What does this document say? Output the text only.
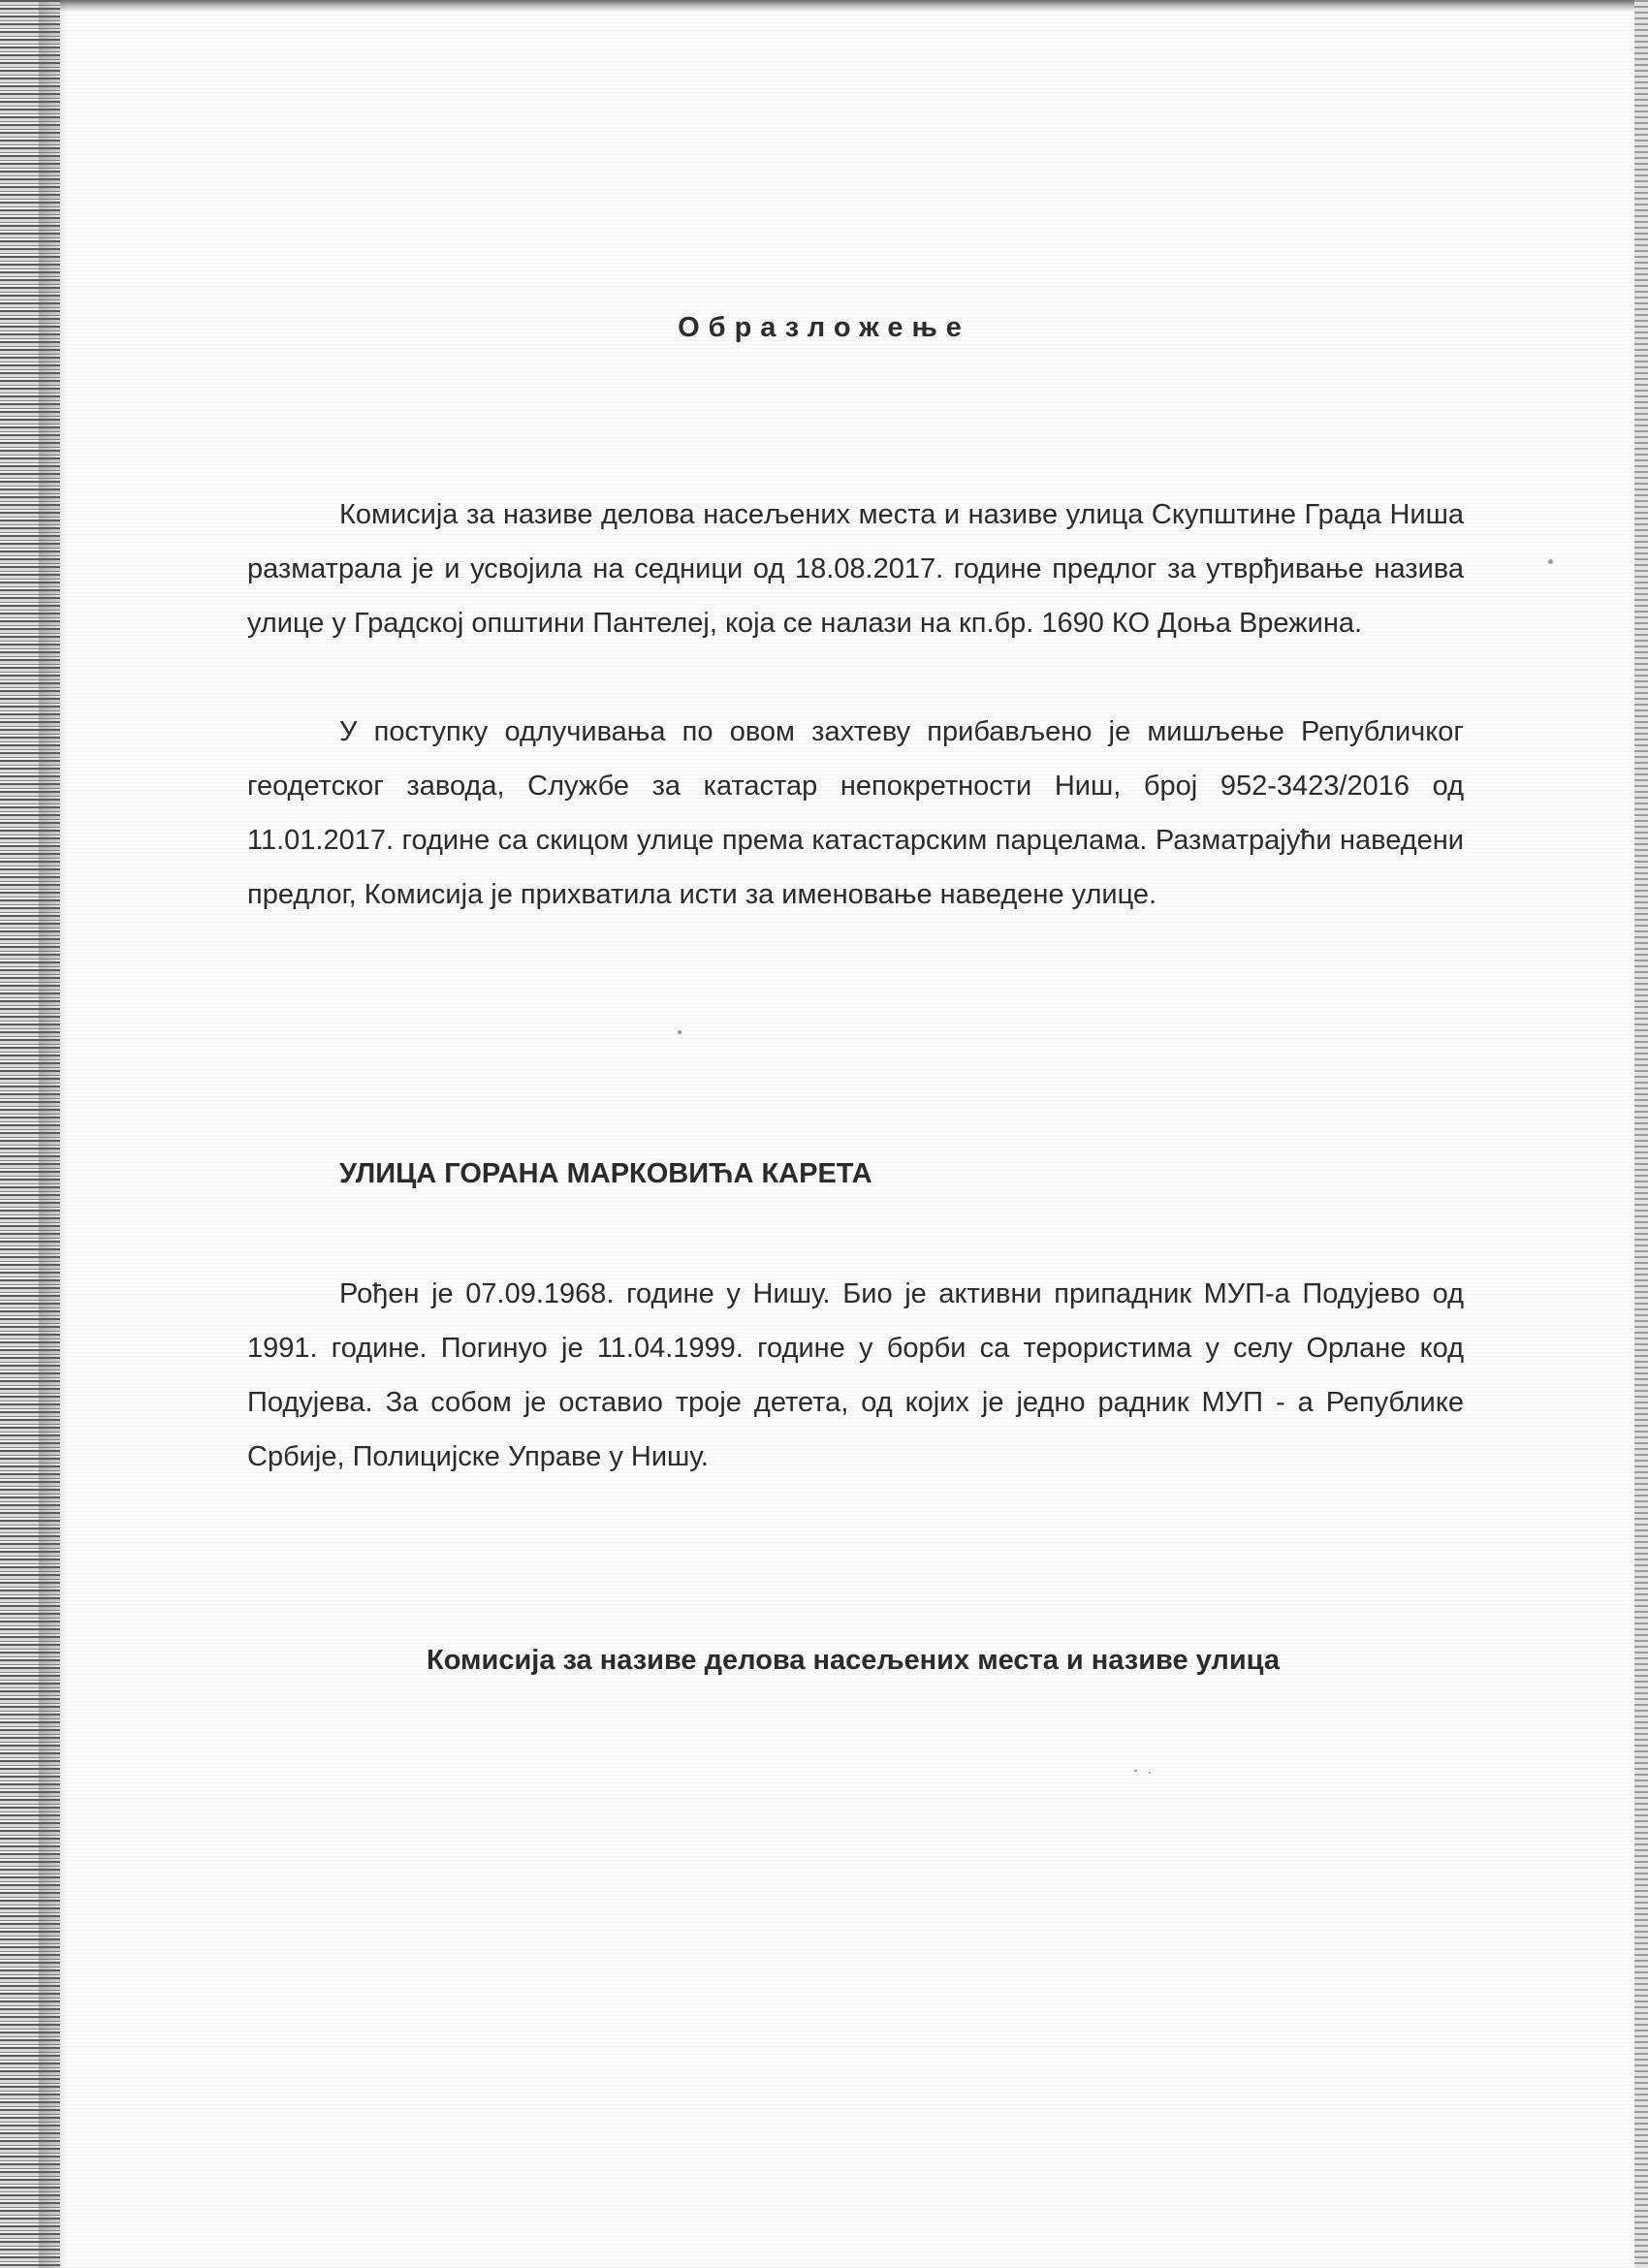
Образложење
Комисија за називе делова насељених места и називе улица Скупштине Града Ниша разматрала је и усвојила на седници од 18.08.2017. године предлог за утврђивање назива улице у Градској општини Пантелеј, која се налази на кп.бр. 1690 КО Доња Врежина.
У поступку одлучивања по овом захтеву прибављено је мишљење Републичког геодетског завода, Службе за катастар непокретности Ниш, број 952-3423/2016 од 11.01.2017. године са скицом улице према катастарским парцелама. Разматрајући наведени предлог, Комисија је прихватила исти за именовање наведене улице.
УЛИЦА ГОРАНА МАРКОВИЋА КАРЕТА
Рођен је 07.09.1968. године у Нишу. Био је активни припадник МУП-а Подујево од 1991. године. Погинуо је 11.04.1999. године у борби са терористима у селу Орлане код Подујева. За собом је оставио троје детета, од којих је једно радник МУП - а Републике Србије, Полицијске Управе у Нишу.
Комисија за називе делова насељених места и називе улица
